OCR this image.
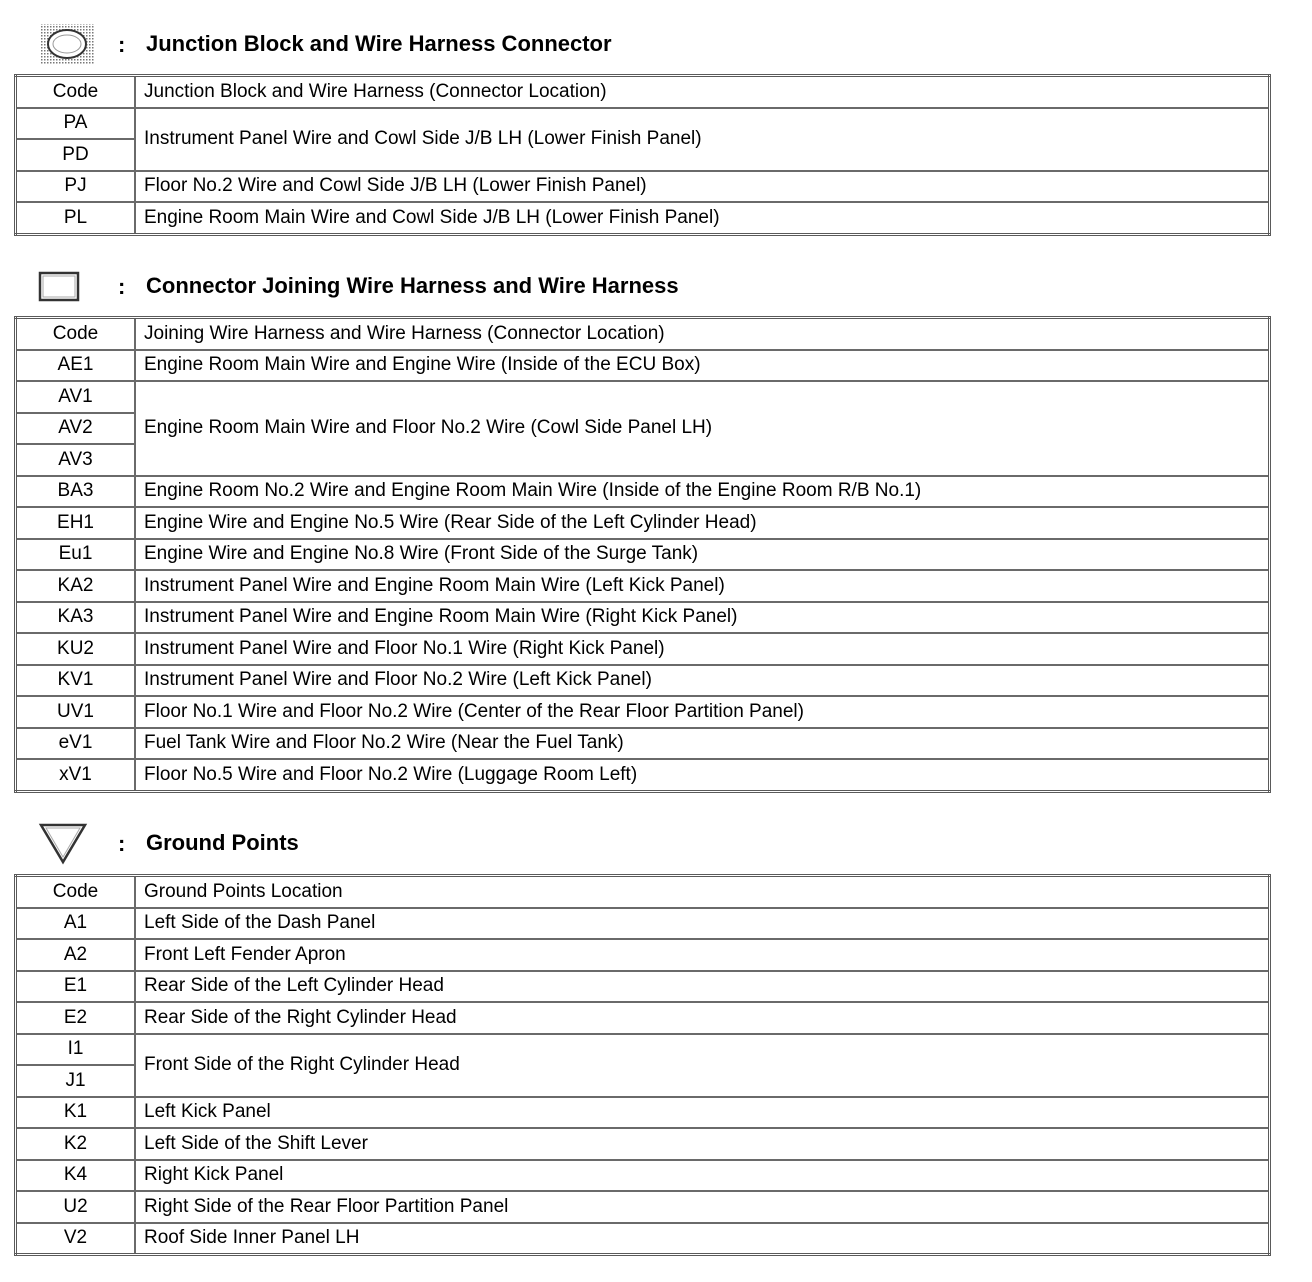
: Junction Block and Wire Harness Connector
Code	Junction Block and Wire Harness (Connector Location)
PA	Instrument Panel Wire and Cowl Side J/B LH (Lower Finish Panel)
PD	
PJ	Floor No.2 Wire and Cowl Side J/B LH (Lower Finish Panel)
PL	Engine Room Main Wire and Cowl Side J/B LH (Lower Finish Panel)
: Connector Joining Wire Harness and Wire Harness
Code	Joining Wire Harness and Wire Harness (Connector Location)
AE1	Engine Room Main Wire and Engine Wire (Inside of the ECU Box)
AV1	Engine Room Main Wire and Floor No.2 Wire (Cowl Side Panel LH)
AV2	
AV3	
BA3	Engine Room No.2 Wire and Engine Room Main Wire (Inside of the Engine Room R/B No.1)
EH1	Engine Wire and Engine No.5 Wire (Rear Side of the Left Cylinder Head)
Eu1	Engine Wire and Engine No.8 Wire (Front Side of the Surge Tank)
KA2	Instrument Panel Wire and Engine Room Main Wire (Left Kick Panel)
KA3	Instrument Panel Wire and Engine Room Main Wire (Right Kick Panel)
KU2	Instrument Panel Wire and Floor No.1 Wire (Right Kick Panel)
KV1	Instrument Panel Wire and Floor No.2 Wire (Left Kick Panel)
UV1	Floor No.1 Wire and Floor No.2 Wire (Center of the Rear Floor Partition Panel)
eV1	Fuel Tank Wire and Floor No.2 Wire (Near the Fuel Tank)
xV1	Floor No.5 Wire and Floor No.2 Wire (Luggage Room Left)
: Ground Points
Code	Ground Points Location
A1	Left Side of the Dash Panel
A2	Front Left Fender Apron
E1	Rear Side of the Left Cylinder Head
E2	Rear Side of the Right Cylinder Head
I1	Front Side of the Right Cylinder Head
J1	
K1	Left Kick Panel
K2	Left Side of the Shift Lever
K4	Right Kick Panel
U2	Right Side of the Rear Floor Partition Panel
V2	Roof Side Inner Panel LH
